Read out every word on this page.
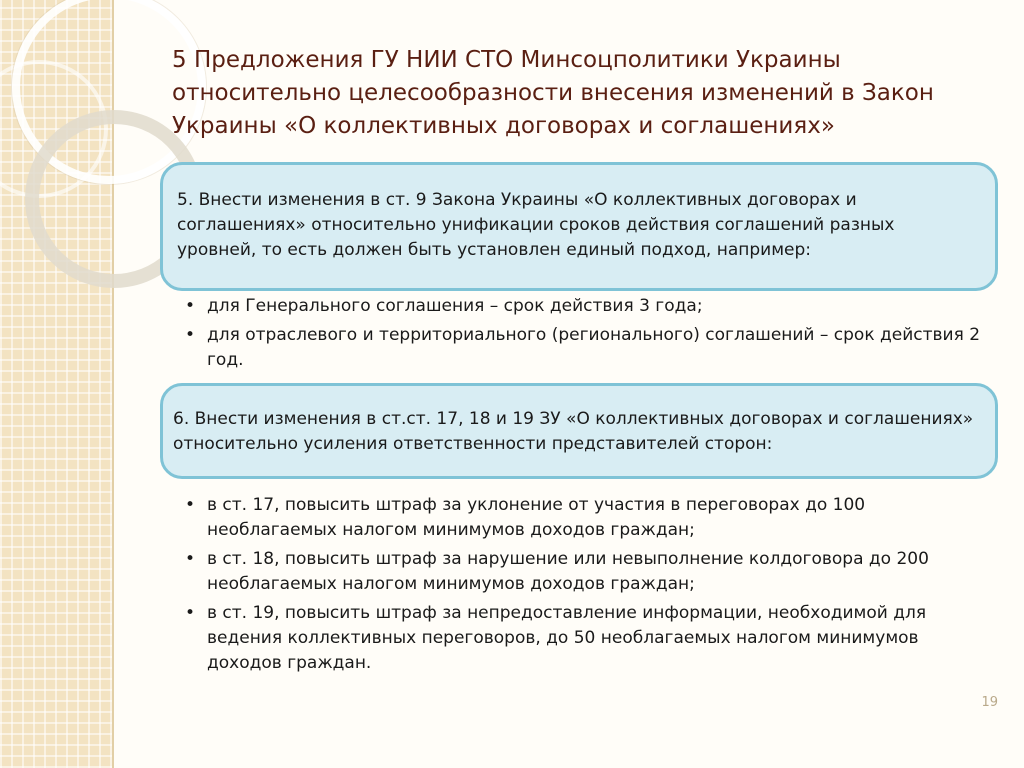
5 Предложения ГУ НИИ СТО Минсоцполитики Украины относительно целесообразности внесения изменений в Закон Украины «О коллективных договорах и соглашениях»
5. Внести изменения в ст. 9 Закона Украины «О коллективных договорах и соглашениях» относительно унификации сроков действия соглашений разных уровней, то есть должен быть установлен единый подход, например:
• для Генерального соглашения – срок действия 3 года;
• для отраслевого и территориального (регионального) соглашений – срок действия 2 год.
6. Внести изменения в ст.ст. 17, 18 и 19 ЗУ «О коллективных договорах и соглашениях» относительно усиления ответственности представителей сторон:
• в ст. 17, повысить штраф за уклонение от участия в переговорах до 100 необлагаемых налогом минимумов доходов граждан;
• в ст. 18, повысить штраф за нарушение или невыполнение колдоговора до 200 необлагаемых налогом минимумов доходов граждан;
• в ст. 19, повысить штраф за непредоставление информации, необходимой для ведения коллективных переговоров, до 50 необлагаемых налогом минимумов доходов граждан.
19
